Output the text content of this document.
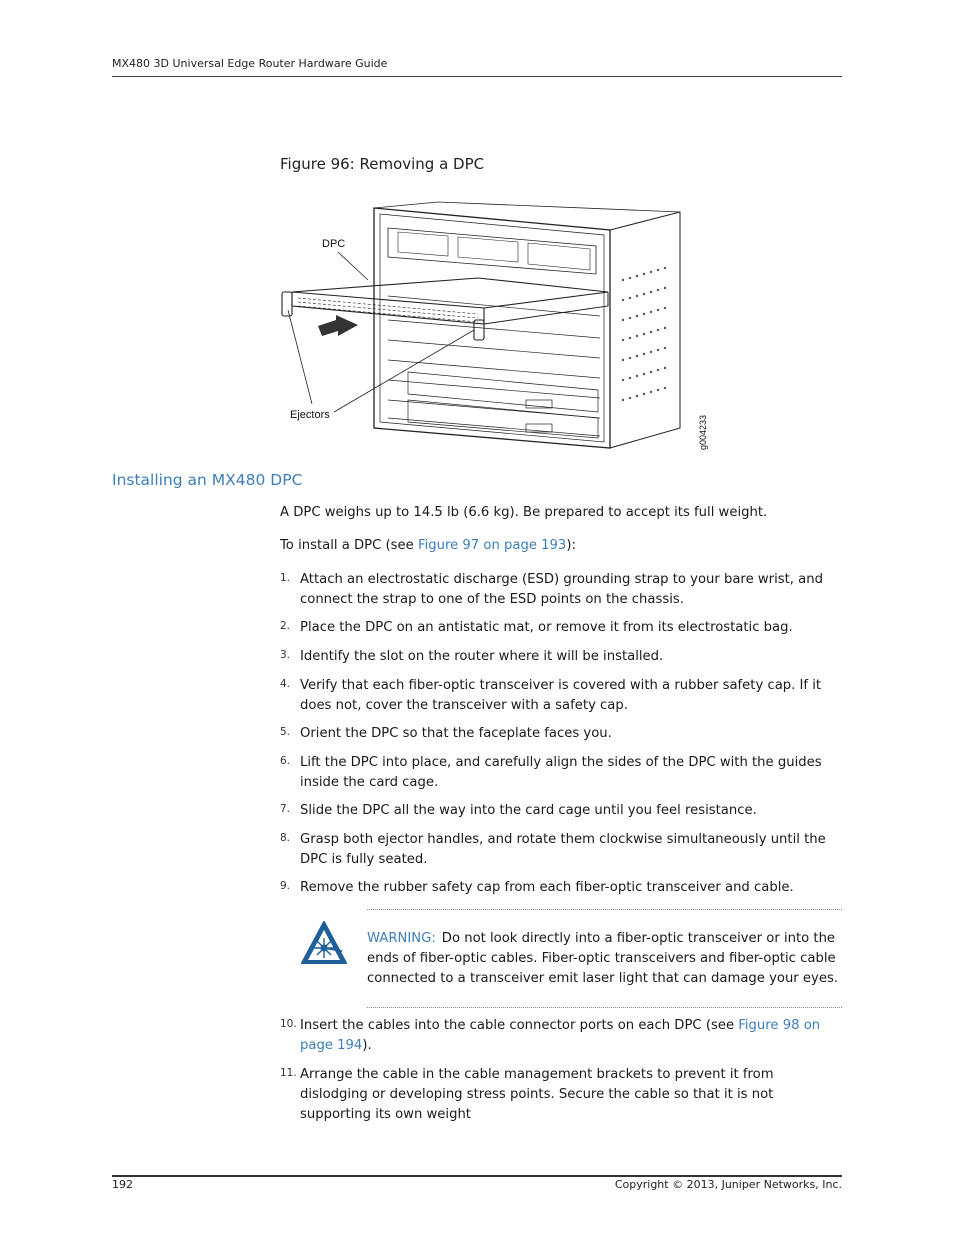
MX480 3D Universal Edge Router Hardware Guide
Figure 96: Removing a DPC
DPC
Ejectors	g004233
Installing an MX480 DPC
A DPC weighs up to 14.5 lb (6.6 kg). Be prepared to accept its full weight.
To install a DPC (see Figure 97 on page 193):
1. Attach an electrostatic discharge (ESD) grounding strap to your bare wrist, and connect the strap to one of the ESD points on the chassis.
2. Place the DPC on an antistatic mat, or remove it from its electrostatic bag.
3. Identify the slot on the router where it will be installed.
4. Verify that each fiber-optic transceiver is covered with a rubber safety cap. If it does not, cover the transceiver with a safety cap.
5. Orient the DPC so that the faceplate faces you.
6. Lift the DPC into place, and carefully align the sides of the DPC with the guides inside the card cage.
7. Slide the DPC all the way into the card cage until you feel resistance.
8. Grasp both ejector handles, and rotate them clockwise simultaneously until the DPC is fully seated.
9. Remove the rubber safety cap from each fiber-optic transceiver and cable.
WARNING: Do not look directly into a fiber-optic transceiver or into the ends of fiber-optic cables. Fiber-optic transceivers and fiber-optic cable connected to a transceiver emit laser light that can damage your eyes.
10. Insert the cables into the cable connector ports on each DPC (see Figure 98 on page 194).
11. Arrange the cable in the cable management brackets to prevent it from dislodging or developing stress points. Secure the cable so that it is not supporting its own weight
192	Copyright © 2013, Juniper Networks, Inc.
